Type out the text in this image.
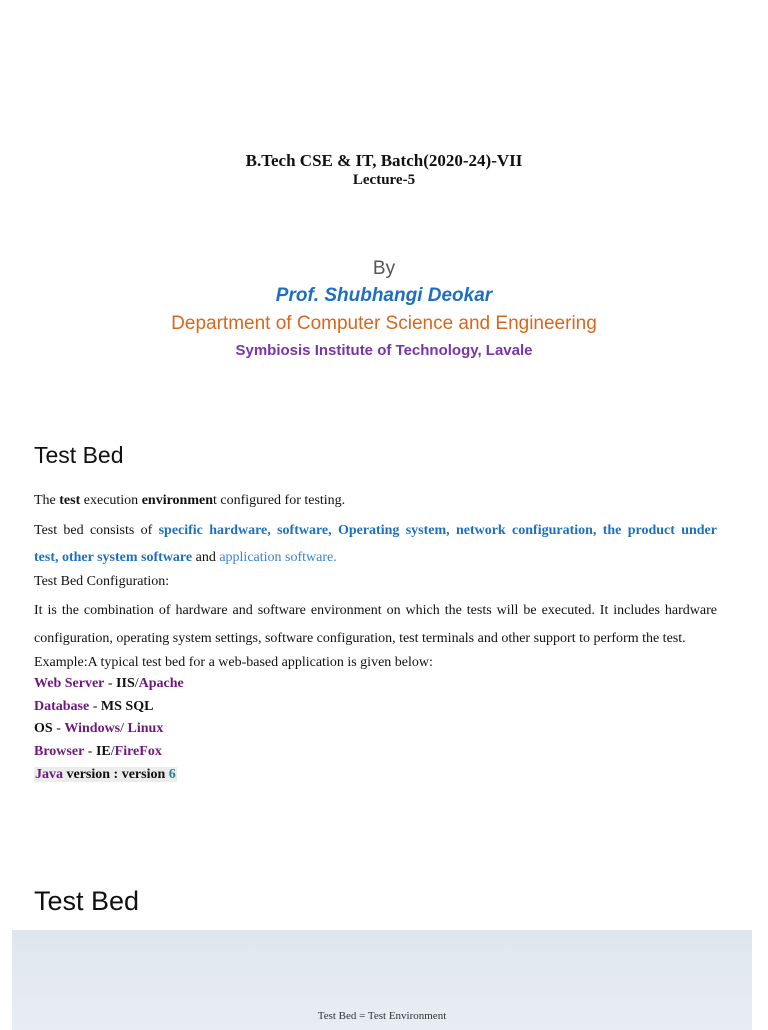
B.Tech CSE & IT, Batch(2020-24)-VII
Lecture-5
By
Prof. Shubhangi Deokar
Department of Computer Science and Engineering
Symbiosis Institute of Technology, Lavale
Test Bed
The test execution environment configured for testing.
Test bed consists of specific hardware, software, Operating system, network configuration, the product under
test, other system software and application software.
Test Bed Configuration:
It is the combination of hardware and software environment on which the tests will be executed. It includes hardware
configuration, operating system settings, software configuration, test terminals and other support to perform the test.
Example:A typical test bed for a web-based application is given below:
Web Server - IIS/Apache
Database - MS SQL
OS - Windows/ Linux
Browser - IE/FireFox
Java version : version 6
Test Bed
Test Bed = Test Environment
